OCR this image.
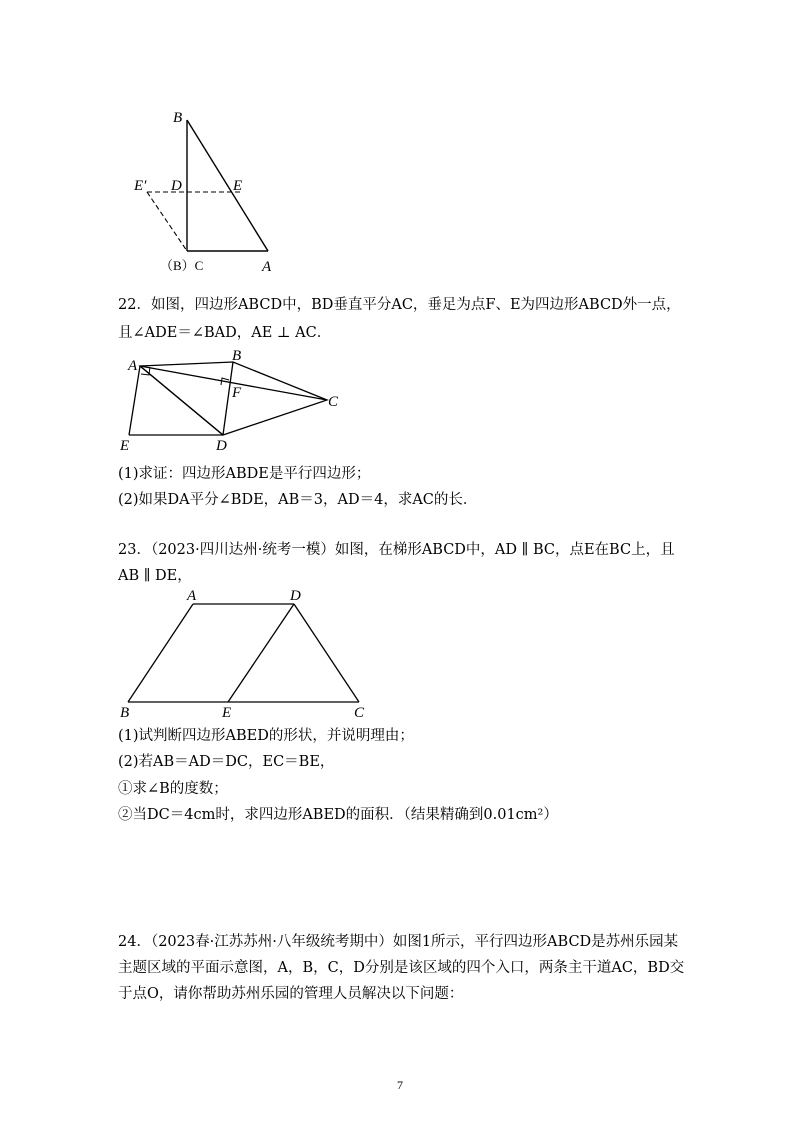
B
E′ D	E
（B）C	A
22．如图，四边形ABCD中，BD垂直平分AC，垂足为点F、E为四边形ABCD外一点，
且∠ADE＝∠BAD，AE ⊥ AC．
A
B
F
C
E	D
(1)求证：四边形ABDE是平行四边形；
(2)如果DA平分∠BDE，AB＝3，AD＝4，求AC的长．
23．（2023·四川达州·统考一模）如图，在梯形ABCD中，AD ∥ BC，点E在BC上，且
AB ∥ DE，
A	D
B	E	C
(1)试判断四边形ABED的形状，并说明理由；
(2)若AB＝AD＝DC，EC＝BE，
①求∠B的度数；
②当DC＝4cm时，求四边形ABED的面积．（结果精确到0.01cm²）
24．（2023春·江苏苏州·八年级统考期中）如图1所示，平行四边形ABCD是苏州乐园某
主题区域的平面示意图，A，B，C，D分别是该区域的四个入口，两条主干道AC，BD交
于点O，请你帮助苏州乐园的管理人员解决以下问题：
7
